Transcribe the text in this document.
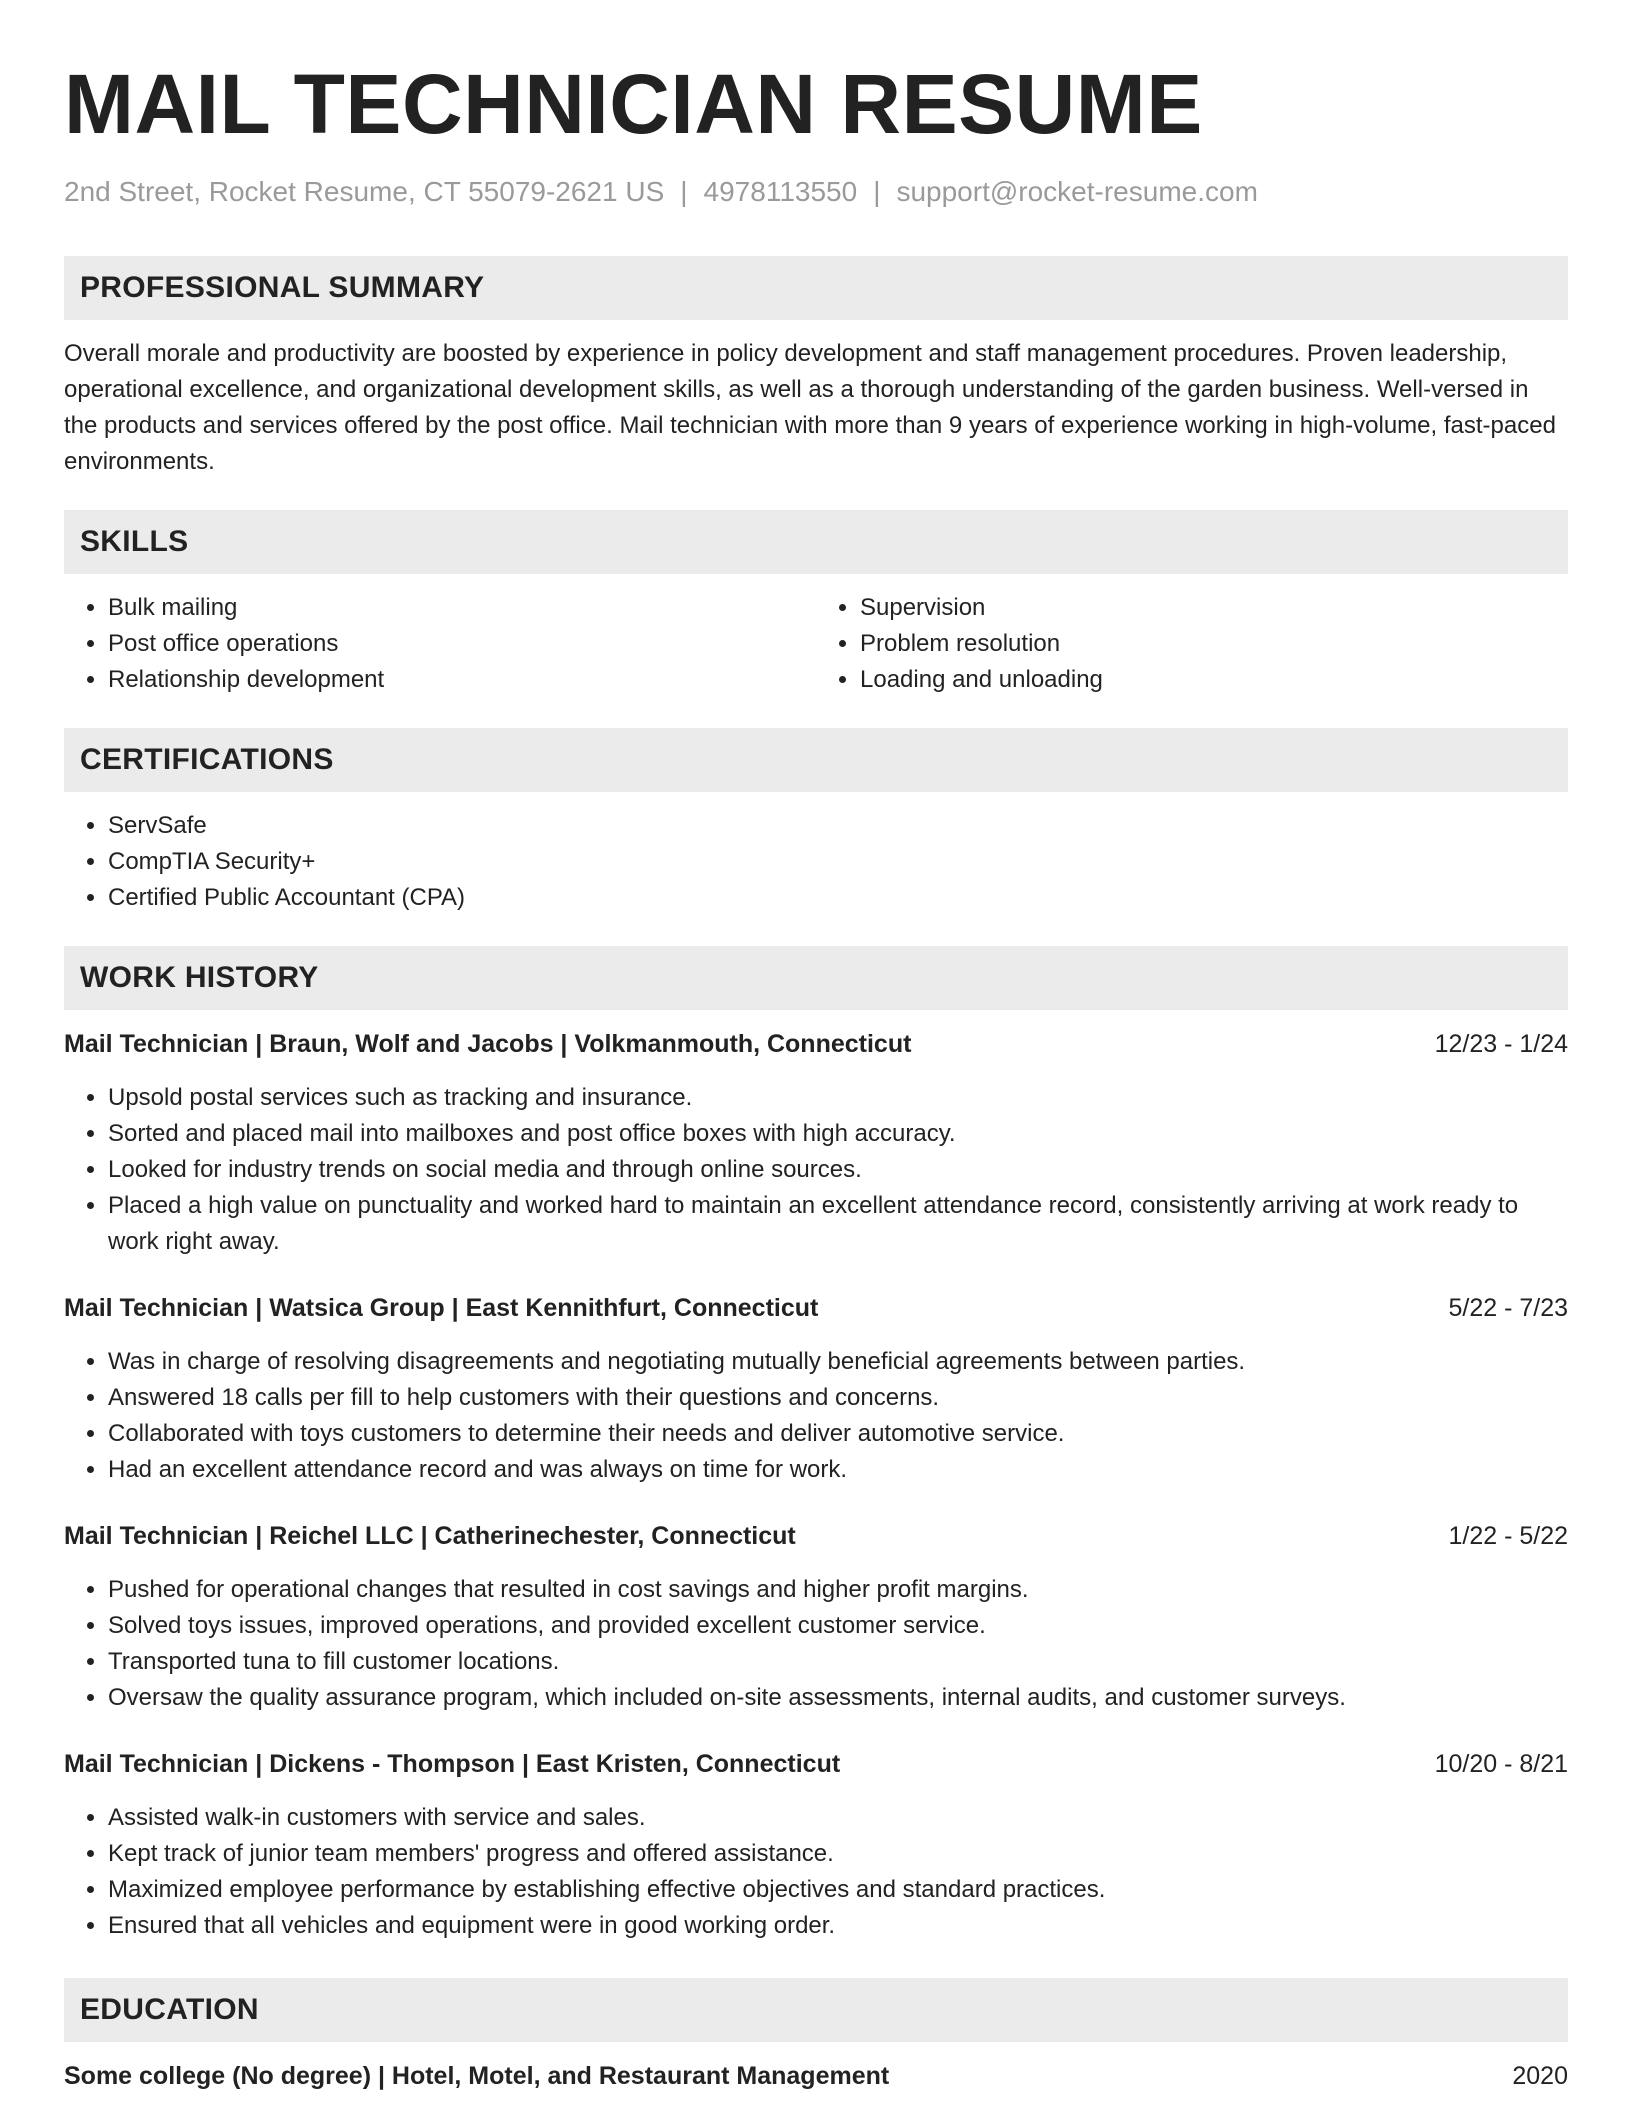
MAIL TECHNICIAN RESUME
2nd Street, Rocket Resume, CT 55079-2621 US | 4978113550 | support@rocket-resume.com
PROFESSIONAL SUMMARY

Overall morale and productivity are boosted by experience in policy development and staff management procedures. Proven leadership, operational excellence, and organizational development skills, as well as a thorough understanding of the garden business. Well-versed in the products and services offered by the post office. Mail technician with more than 9 years of experience working in high-volume, fast-paced environments.

SKILLS
• Bulk mailing
• Post office operations
• Relationship development
• Supervision
• Problem resolution
• Loading and unloading
CERTIFICATIONS
• ServSafe
• CompTIA Security+
• Certified Public Accountant (CPA)
WORK HISTORY
Mail Technician | Braun, Wolf and Jacobs | Volkmanmouth, Connecticut	12/23 - 1/24
• Upsold postal services such as tracking and insurance.
• Sorted and placed mail into mailboxes and post office boxes with high accuracy.
• Looked for industry trends on social media and through online sources.
• Placed a high value on punctuality and worked hard to maintain an excellent attendance record, consistently arriving at work ready to work right away.
Mail Technician | Watsica Group | East Kennithfurt, Connecticut	5/22 - 7/23
• Was in charge of resolving disagreements and negotiating mutually beneficial agreements between parties.
• Answered 18 calls per fill to help customers with their questions and concerns.
• Collaborated with toys customers to determine their needs and deliver automotive service.
• Had an excellent attendance record and was always on time for work.
Mail Technician | Reichel LLC | Catherinechester, Connecticut	1/22 - 5/22
• Pushed for operational changes that resulted in cost savings and higher profit margins.
• Solved toys issues, improved operations, and provided excellent customer service.
• Transported tuna to fill customer locations.
• Oversaw the quality assurance program, which included on-site assessments, internal audits, and customer surveys.
Mail Technician | Dickens - Thompson | East Kristen, Connecticut	10/20 - 8/21
• Assisted walk-in customers with service and sales.
• Kept track of junior team members' progress and offered assistance.
• Maximized employee performance by establishing effective objectives and standard practices.
• Ensured that all vehicles and equipment were in good working order.
EDUCATION
Some college (No degree) | Hotel, Motel, and Restaurant Management	2020
